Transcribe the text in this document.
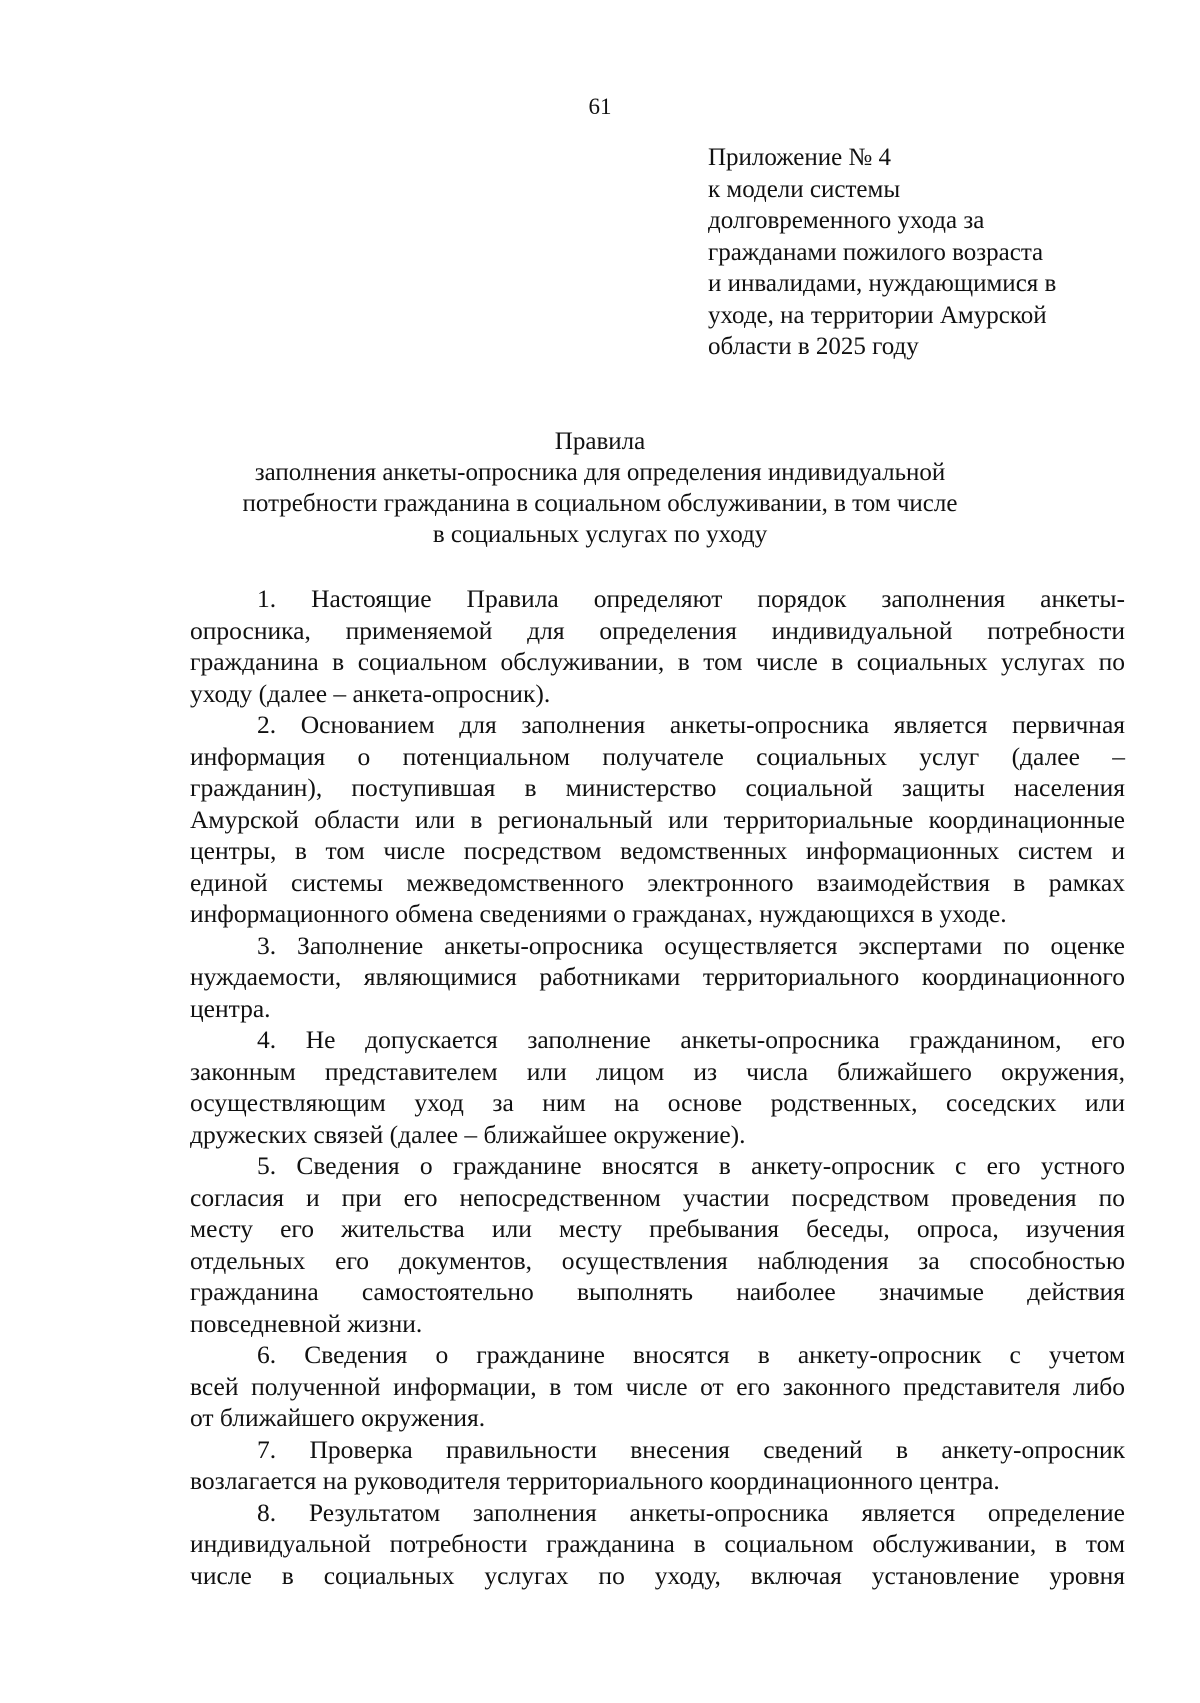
61
Приложение № 4
к модели системы
долговременного ухода за
гражданами пожилого возраста
и инвалидами, нуждающимися в
уходе, на территории Амурской
области в 2025 году
Правила
заполнения анкеты-опросника для определения индивидуальной
потребности гражданина в социальном обслуживании, в том числе
в социальных услугах по уходу

1. Настоящие Правила определяют порядок заполнения анкеты-
опросника, применяемой для определения индивидуальной потребности
гражданина в социальном обслуживании, в том числе в социальных услугах по
уходу (далее – анкета-опросник).

2. Основанием для заполнения анкеты-опросника является первичная
информация о потенциальном получателе социальных услуг (далее –
гражданин), поступившая в министерство социальной защиты населения
Амурской области или в региональный или территориальные координационные
центры, в том числе посредством ведомственных информационных систем и
единой системы межведомственного электронного взаимодействия в рамках
информационного обмена сведениями о гражданах, нуждающихся в уходе.

3. Заполнение анкеты-опросника осуществляется экспертами по оценке
нуждаемости, являющимися работниками территориального координационного
центра.

4. Не допускается заполнение анкеты-опросника гражданином, его
законным представителем или лицом из числа ближайшего окружения,
осуществляющим уход за ним на основе родственных, соседских или
дружеских связей (далее – ближайшее окружение).

5. Сведения о гражданине вносятся в анкету-опросник с его устного
согласия и при его непосредственном участии посредством проведения по
месту его жительства или месту пребывания беседы, опроса, изучения
отдельных его документов, осуществления наблюдения за способностью
гражданина самостоятельно выполнять наиболее значимые действия
повседневной жизни.

6. Сведения о гражданине вносятся в анкету-опросник с учетом
всей полученной информации, в том числе от его законного представителя либо
от ближайшего окружения.

7. Проверка правильности внесения сведений в анкету-опросник
возлагается на руководителя территориального координационного центра.

8. Результатом заполнения анкеты-опросника является определение
индивидуальной потребности гражданина в социальном обслуживании, в том
числе в социальных услугах по уходу, включая установление уровня
